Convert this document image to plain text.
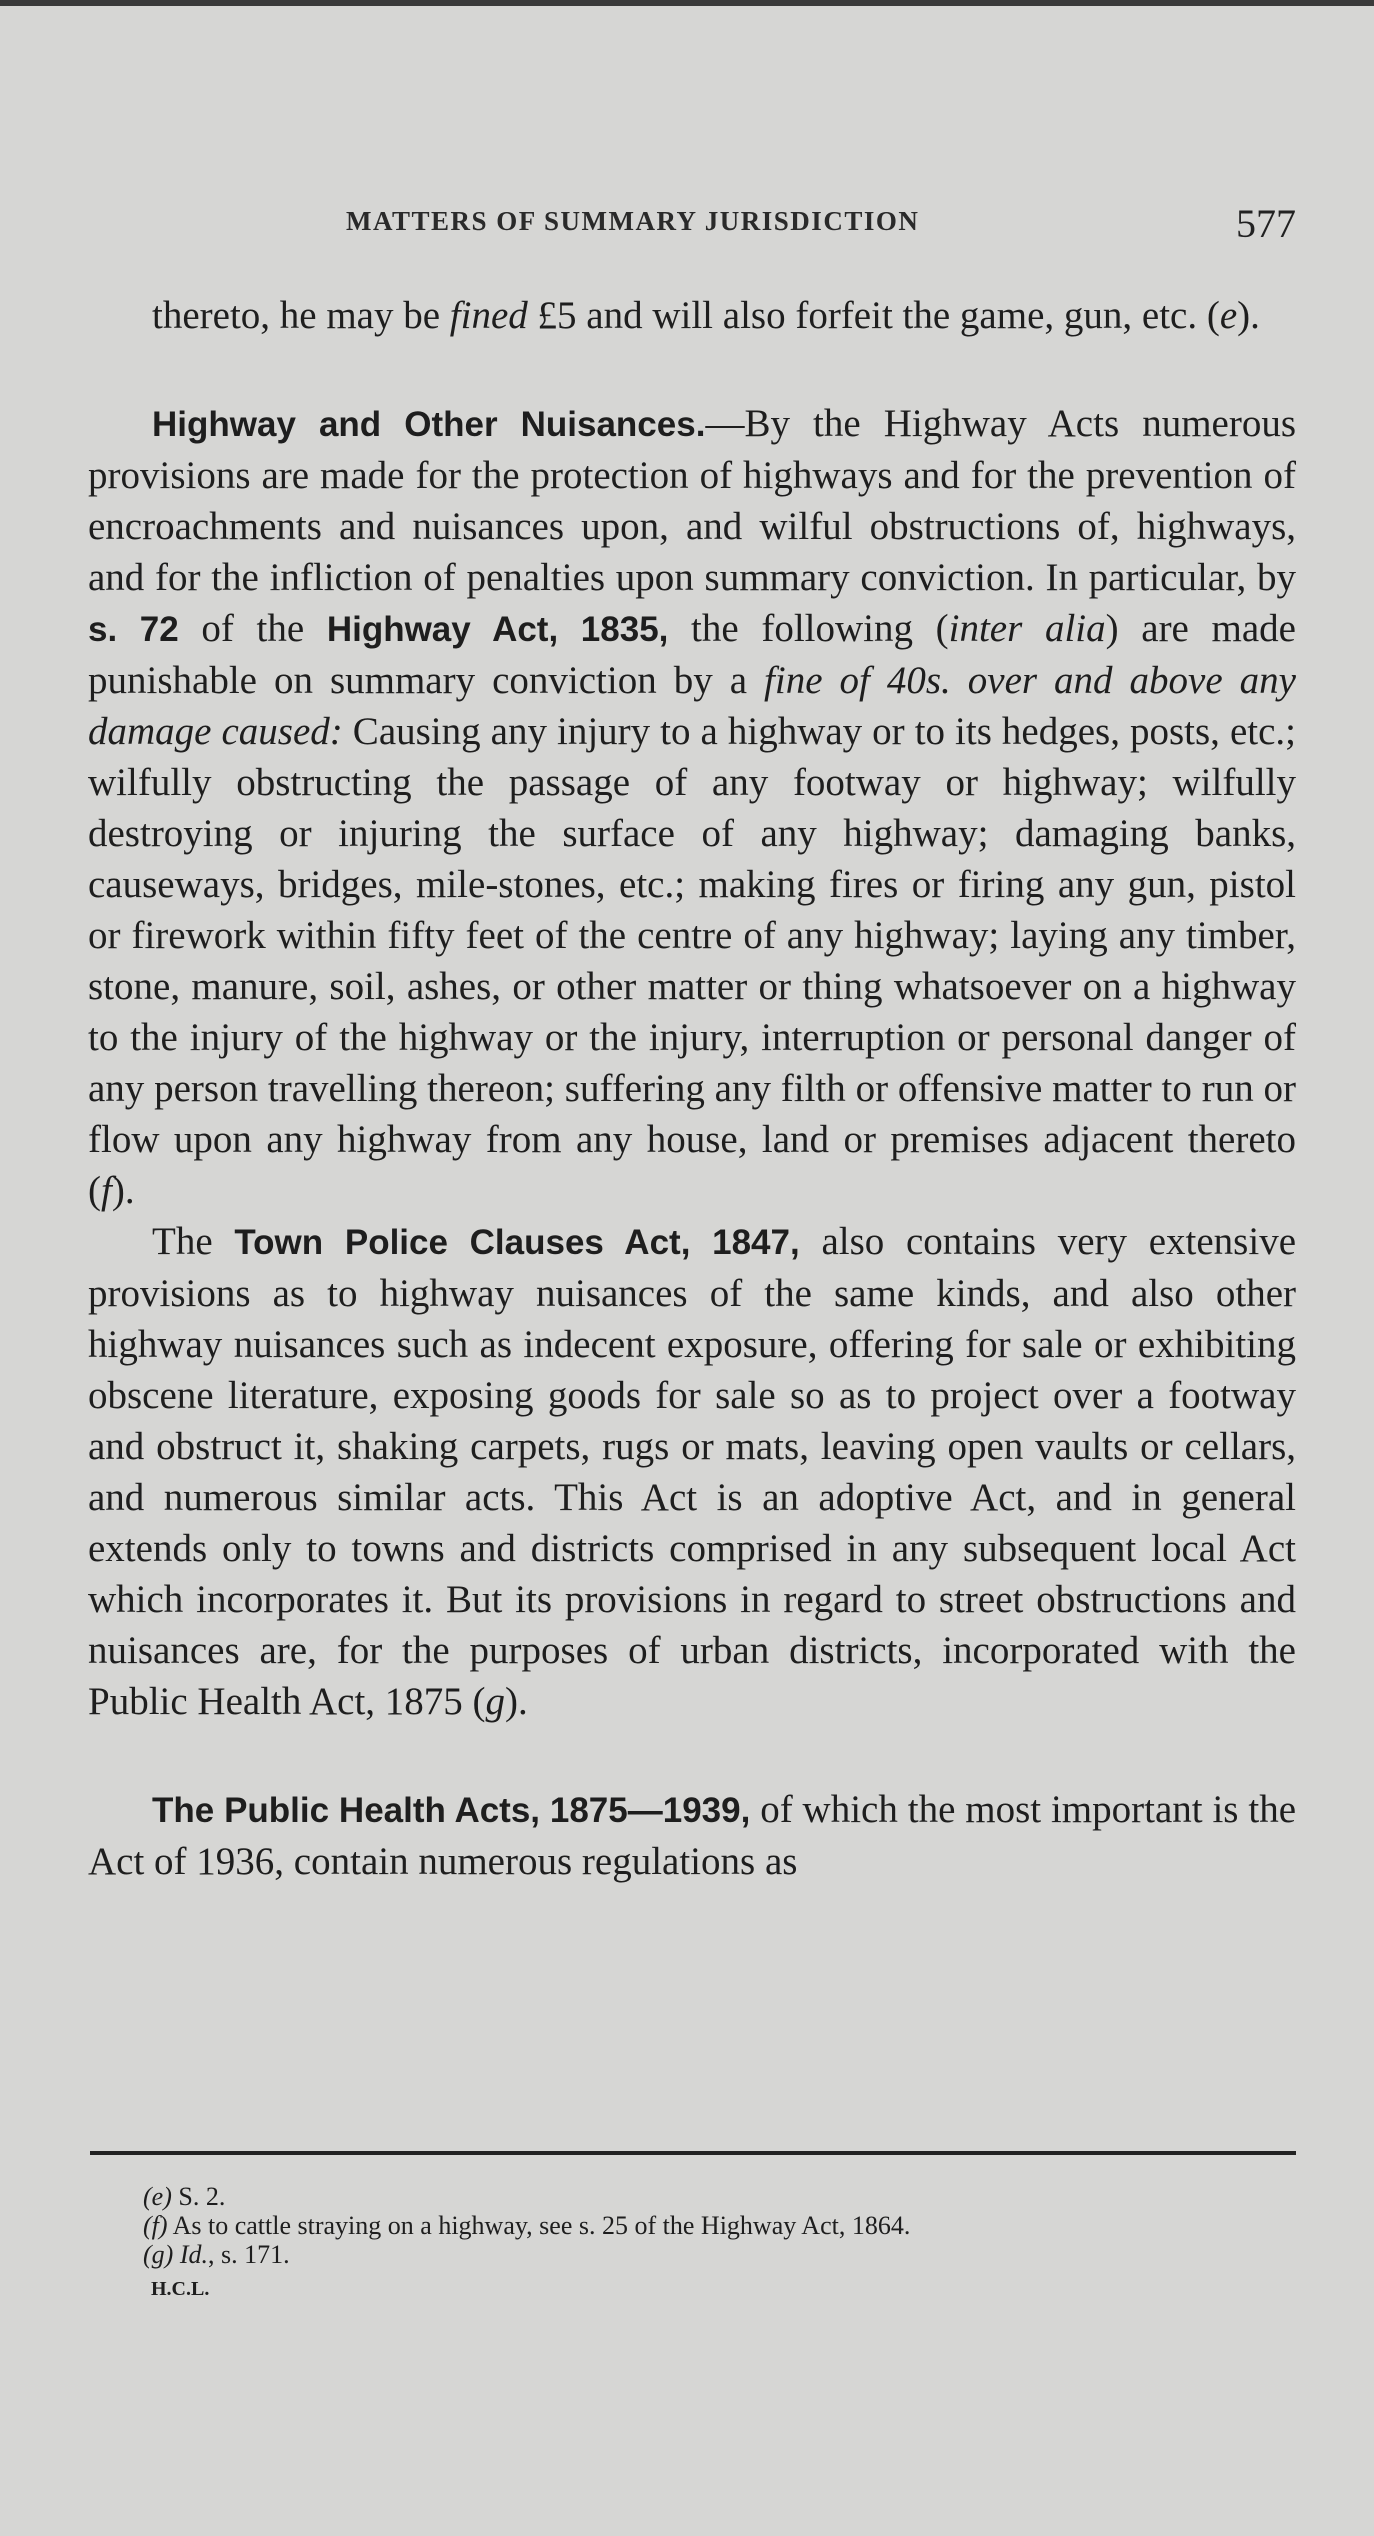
MATTERS OF SUMMARY JURISDICTION	577

thereto, he may be fined £5 and will also forfeit the game, gun, etc. (e).

Highway and Other Nuisances.—By the Highway Acts numerous provisions are made for the protection of highways and for the prevention of encroachments and nuisances upon, and wilful obstructions of, highways, and for the infliction of penalties upon summary conviction. In particular, by s. 72 of the Highway Act, 1835, the following (inter alia) are made punishable on summary conviction by a fine of 40s. over and above any damage caused: Causing any injury to a highway or to its hedges, posts, etc.; wilfully obstructing the passage of any footway or highway; wilfully destroying or injuring the surface of any highway; damaging banks, causeways, bridges, mile-stones, etc.; making fires or firing any gun, pistol or firework within fifty feet of the centre of any highway; laying any timber, stone, manure, soil, ashes, or other matter or thing whatsoever on a highway to the injury of the highway or the injury, interruption or personal danger of any person travelling thereon; suffering any filth or offensive matter to run or flow upon any highway from any house, land or premises adjacent thereto (f).

The Town Police Clauses Act, 1847, also contains very extensive provisions as to highway nuisances of the same kinds, and also other highway nuisances such as indecent exposure, offering for sale or exhibiting obscene literature, exposing goods for sale so as to project over a footway and obstruct it, shaking carpets, rugs or mats, leaving open vaults or cellars, and numerous similar acts. This Act is an adoptive Act, and in general extends only to towns and districts comprised in any subsequent local Act which incorporates it. But its provisions in regard to street obstructions and nuisances are, for the purposes of urban districts, incorporated with the Public Health Act, 1875 (g).

The Public Health Acts, 1875—1939, of which the most important is the Act of 1936, contain numerous regulations as

(e) S. 2.
(f) As to cattle straying on a highway, see s. 25 of the Highway Act, 1864.
(g) Id., s. 171.
H.C.L.
